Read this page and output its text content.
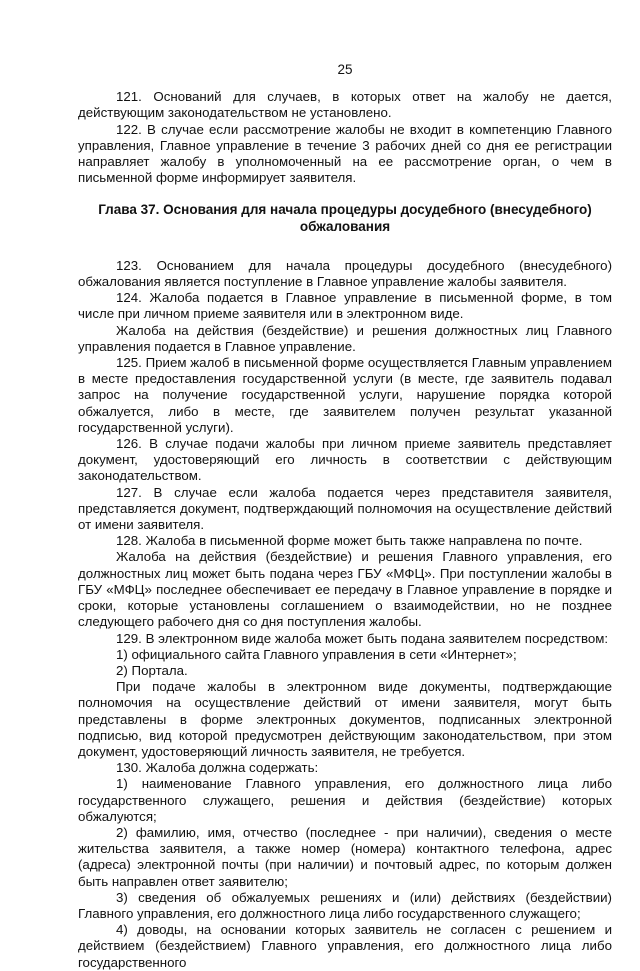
25

121. Оснований для случаев, в которых ответ на жалобу не дается, действующим законодательством не установлено.

122. В случае если рассмотрение жалобы не входит в компетенцию Главного управления, Главное управление в течение 3 рабочих дней со дня ее регистрации направляет жалобу в уполномоченный на ее рассмотрение орган, о чем в письменной форме информирует заявителя.

Глава 37. Основания для начала процедуры досудебного (внесудебного) обжалования

123. Основанием для начала процедуры досудебного (внесудебного) обжалования является поступление в Главное управление жалобы заявителя.

124. Жалоба подается в Главное управление в письменной форме, в том числе при личном приеме заявителя или в электронном виде.

Жалоба на действия (бездействие) и решения должностных лиц Главного управления подается в Главное управление.

125. Прием жалоб в письменной форме осуществляется Главным управлением в месте предоставления государственной услуги (в месте, где заявитель подавал запрос на получение государственной услуги, нарушение порядка которой обжалуется, либо в месте, где заявителем получен результат указанной государственной услуги).

126. В случае подачи жалобы при личном приеме заявитель представляет документ, удостоверяющий его личность в соответствии с действующим законодательством.

127. В случае если жалоба подается через представителя заявителя, представляется документ, подтверждающий полномочия на осуществление действий от имени заявителя.

128. Жалоба в письменной форме может быть также направлена по почте.

Жалоба на действия (бездействие) и решения Главного управления, его должностных лиц может быть подана через ГБУ «МФЦ». При поступлении жалобы в ГБУ «МФЦ» последнее обеспечивает ее передачу в Главное управление в порядке и сроки, которые установлены соглашением о взаимодействии, но не позднее следующего рабочего дня со дня поступления жалобы.

129. В электронном виде жалоба может быть подана заявителем посредством:

1) официального сайта Главного управления в сети «Интернет»;

2) Портала.

При подаче жалобы в электронном виде документы, подтверждающие полномочия на осуществление действий от имени заявителя, могут быть представлены в форме электронных документов, подписанных электронной подписью, вид которой предусмотрен действующим законодательством, при этом документ, удостоверяющий личность заявителя, не требуется.

130. Жалоба должна содержать:

1) наименование Главного управления, его должностного лица либо государственного служащего, решения и действия (бездействие) которых обжалуются;

2) фамилию, имя, отчество (последнее - при наличии), сведения о месте жительства заявителя, а также номер (номера) контактного телефона, адрес (адреса) электронной почты (при наличии) и почтовый адрес, по которым должен быть направлен ответ заявителю;

3) сведения об обжалуемых решениях и (или) действиях (бездействии) Главного управления, его должностного лица либо государственного служащего;

4) доводы, на основании которых заявитель не согласен с решением и действием (бездействием) Главного управления, его должностного лица либо государственного
